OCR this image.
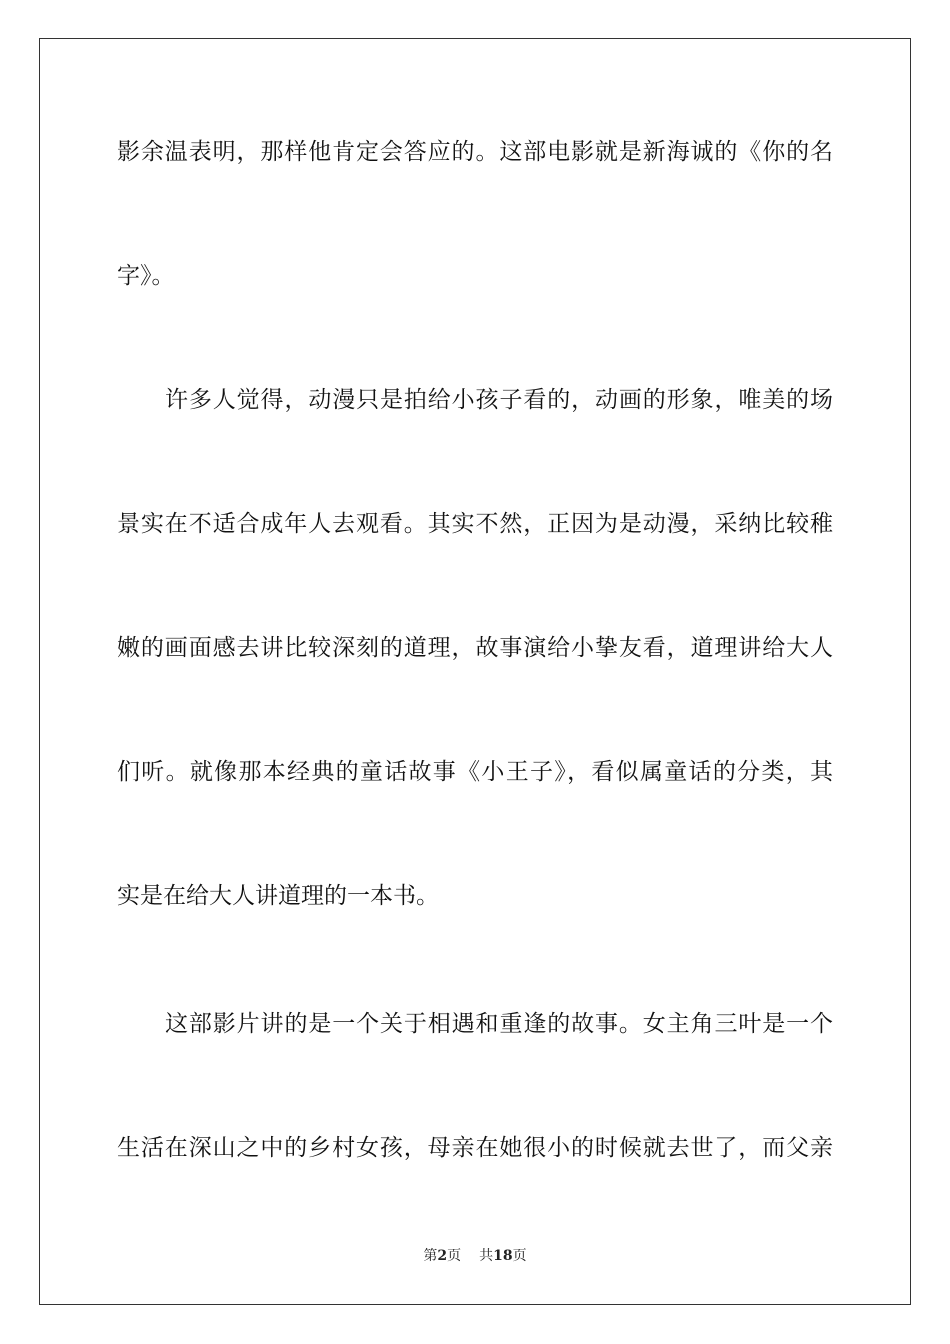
影余温表明，那样他肯定会答应的。这部电影就是新海诚的《你的名
字》。
许多人觉得，动漫只是拍给小孩子看的，动画的形象，唯美的场
景实在不适合成年人去观看。其实不然，正因为是动漫，采纳比较稚
嫩的画面感去讲比较深刻的道理，故事演给小挚友看，道理讲给大人
们听。就像那本经典的童话故事《小王子》，看似属童话的分类，其
实是在给大人讲道理的一本书。
这部影片讲的是一个关于相遇和重逢的故事。女主角三叶是一个
生活在深山之中的乡村女孩，母亲在她很小的时候就去世了，而父亲
第2页 共18页
